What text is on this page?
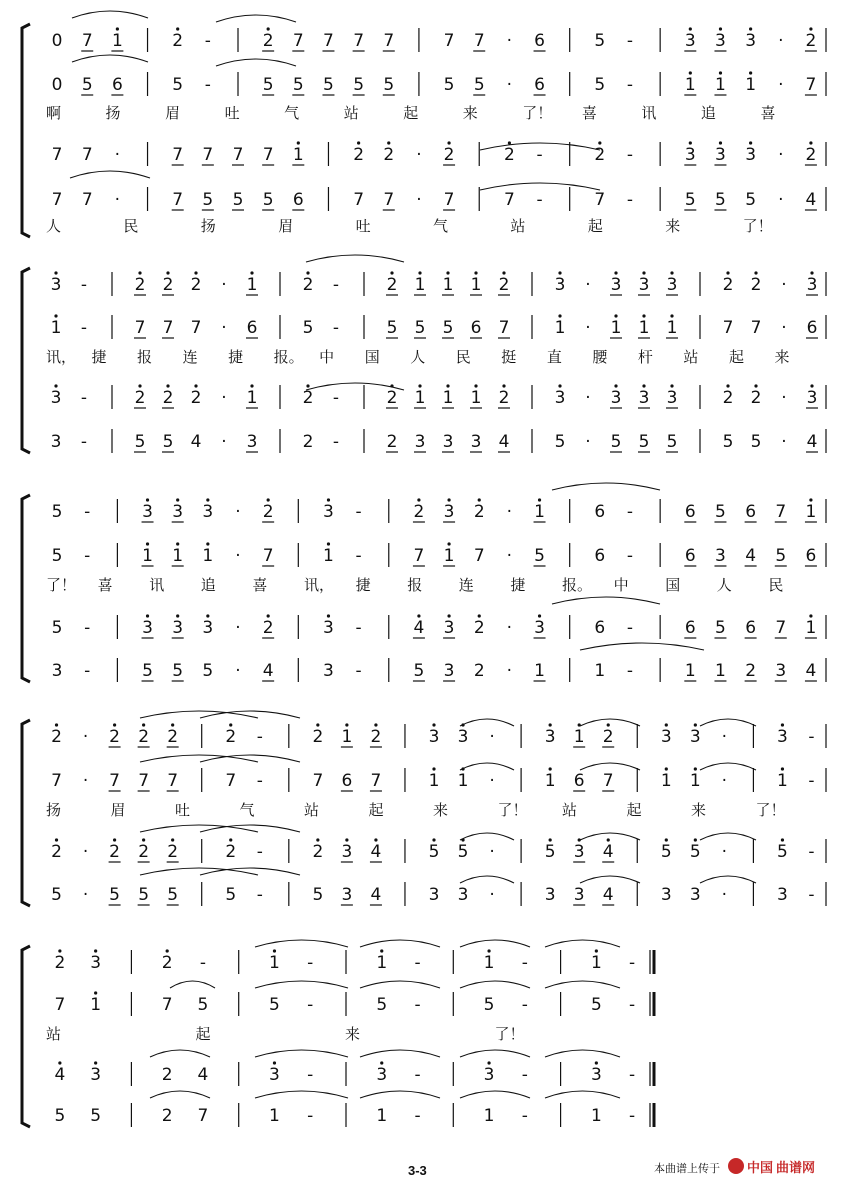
0 7 1	2 -	2 7 7 7 7	7 7 · 6	5 -	3 3 3 · 2
0 5 6	5 -	5 5 5 5 5	5 5 · 6	5 -	1 1 1 · 7
啊	扬	眉	吐	气	站	起	来	了！ 喜	讯	追	喜
7 7 ·	7 7 7 7 1	2 2 · 2	2 -	2 -	3 3 3 · 2
7 7 ·	7 5 5 5 6	7 7 · 7	7 -	7 -	5 5 5 · 4
人	民	扬	眉	吐	气	站	起	来	了！
3 -	2 2 2 · 1	2 -	2 1 1 1 2	3 · 3 3 3	2 2 · 3
1 -	7 7 7 · 6	5 -	5 5 5 6 7	1 · 1 1 1	7 7 · 6
讯， 捷 报 连 捷 报。 中 国 人 民 挺 直 腰 杆 站 起 来
3 -	2 2 2 · 1	2 -	2 1 1 1 2	3 · 3 3 3	2 2 · 3
3 -	5 5 4 · 3	2 -	2 3 3 3 4	5 · 5 5 5	5 5 · 4
5 -	3 3 3 · 2	3 -	2 3 2 · 1	6 -	6 5 6 7 1
5 -	1 1 1 · 7	1 -	7 1 7 · 5	6 -	6 3 4 5 6
了！ 喜 讯 追 喜 讯， 捷 报 连 捷 报。 中 国 人 民
5 -	3 3 3 · 2	3 -	4 3 2 · 3	6 -	6 5 6 7 1
3 -	5 5 5 · 4	3 -	5 3 2 · 1	1 -	1 1 2 3 4
2 · 2 2 2	2 -	2 1 2	3 3 ·	3 1 2	3 3 ·	3 -
7 · 7 7 7	7 -	7 6 7	1 1 ·	1 6 7	1 1 ·	1 -
扬	眉	吐	气	站	起	来	了！ 站	起	来	了！
2 · 2 2 2	2 -	2 3 4	5 5 ·	5 3 4	5 5 ·	5 -
5 · 5 5 5	5 -	5 3 4	3 3 ·	3 3 4	3 3 ·	3 -
2 3	2 -	1 -	1 -	1 -	1 -
7 1	7 5	5 -	5 -	5 -	5 -
站	起	来	了！
4 3	2 4	3 -	3 -	3 -	3 -
5 5	2 7	1 -	1 -	1 -	1 -
3-3	本曲谱上传于 中国 曲谱网
